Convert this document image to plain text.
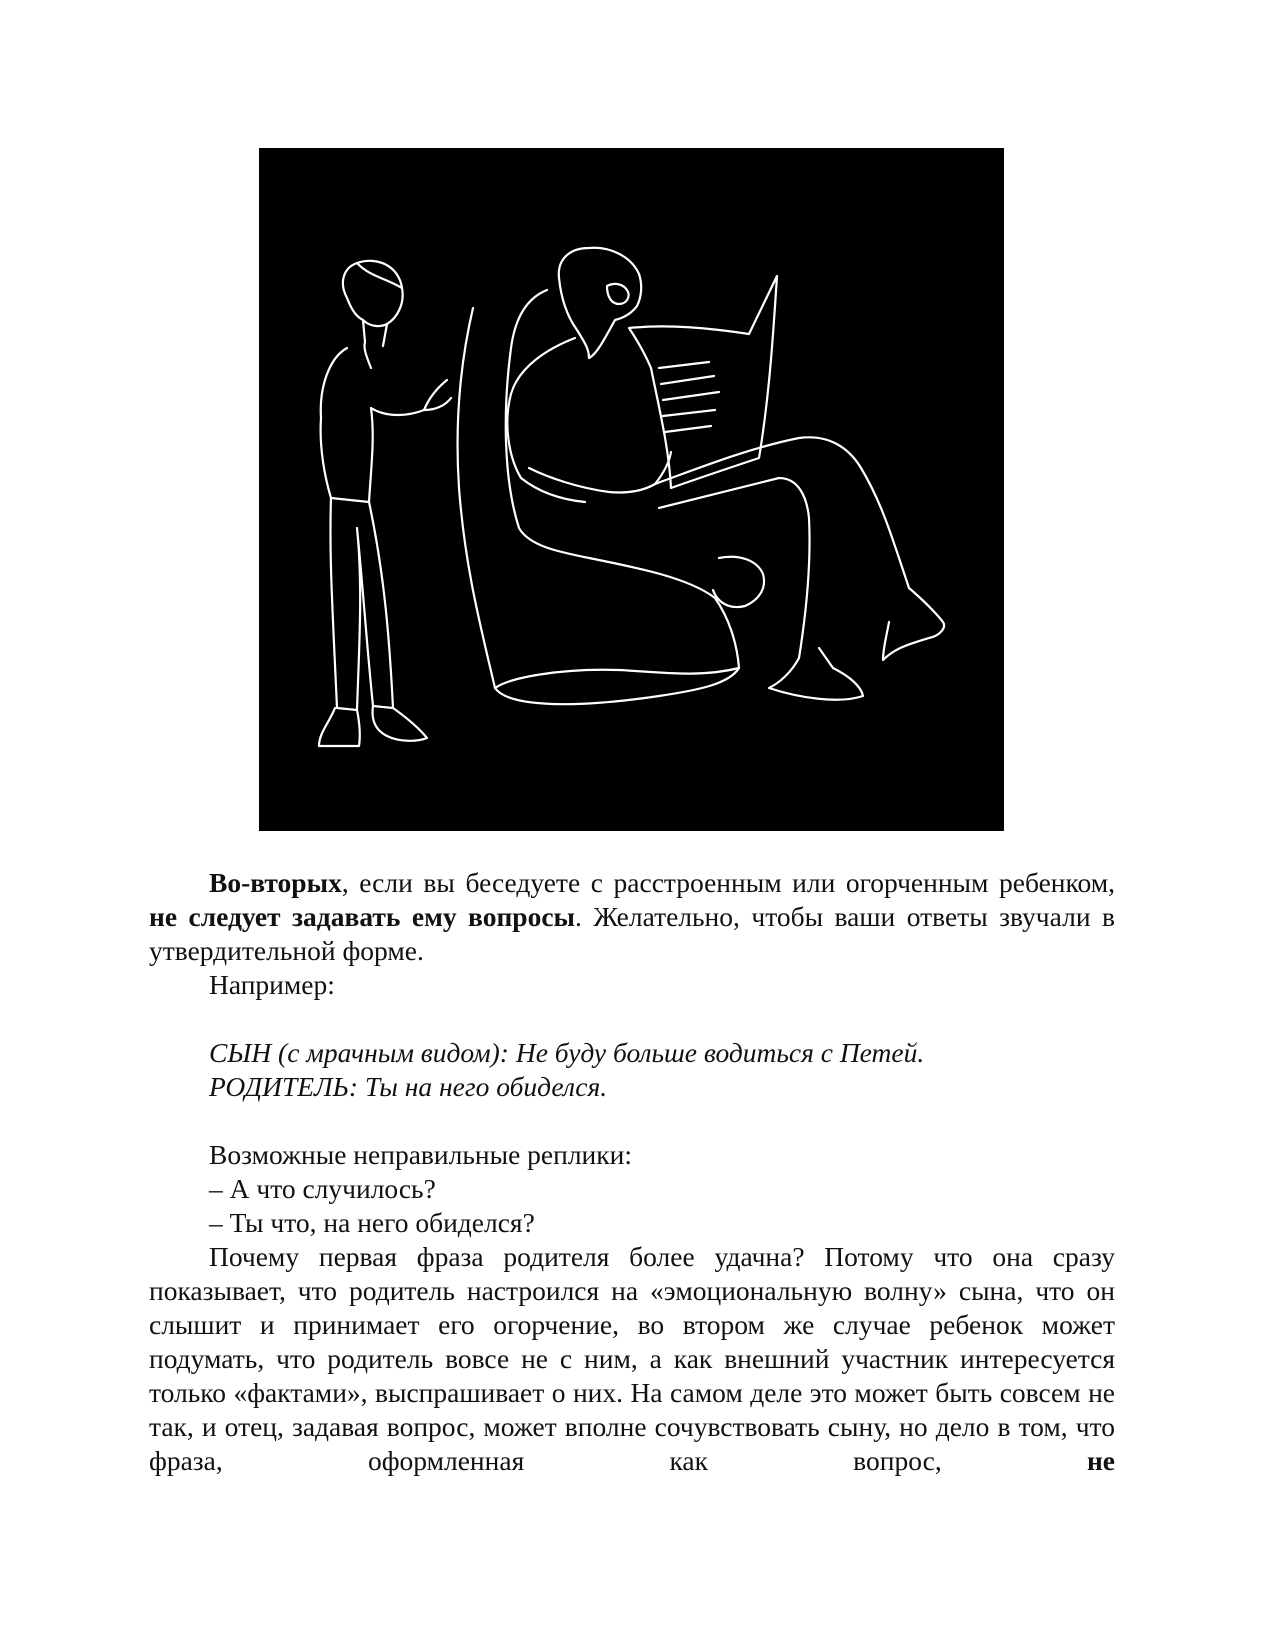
Во-вторых, если вы беседуете с расстроенным или огорченным ребенком, не следует задавать ему вопросы. Желательно, чтобы ваши ответы звучали в утвердительной форме.

Например:

СЫН (с мрачным видом): Не буду больше водиться с Петей.

РОДИТЕЛЬ: Ты на него обиделся.

Возможные неправильные реплики:

– А что случилось?

– Ты что, на него обиделся?

Почему первая фраза родителя более удачна? Потому что она сразу показывает, что родитель настроился на «эмоциональную волну» сына, что он слышит и принимает его огорчение, во втором же случае ребенок может подумать, что родитель вовсе не с ним, а как внешний участник интересуется только «фактами», выспрашивает о них. На самом деле это может быть совсем не так, и отец, задавая вопрос, может вполне сочувствовать сыну, но дело в том, что фраза, оформленная как вопрос, не
